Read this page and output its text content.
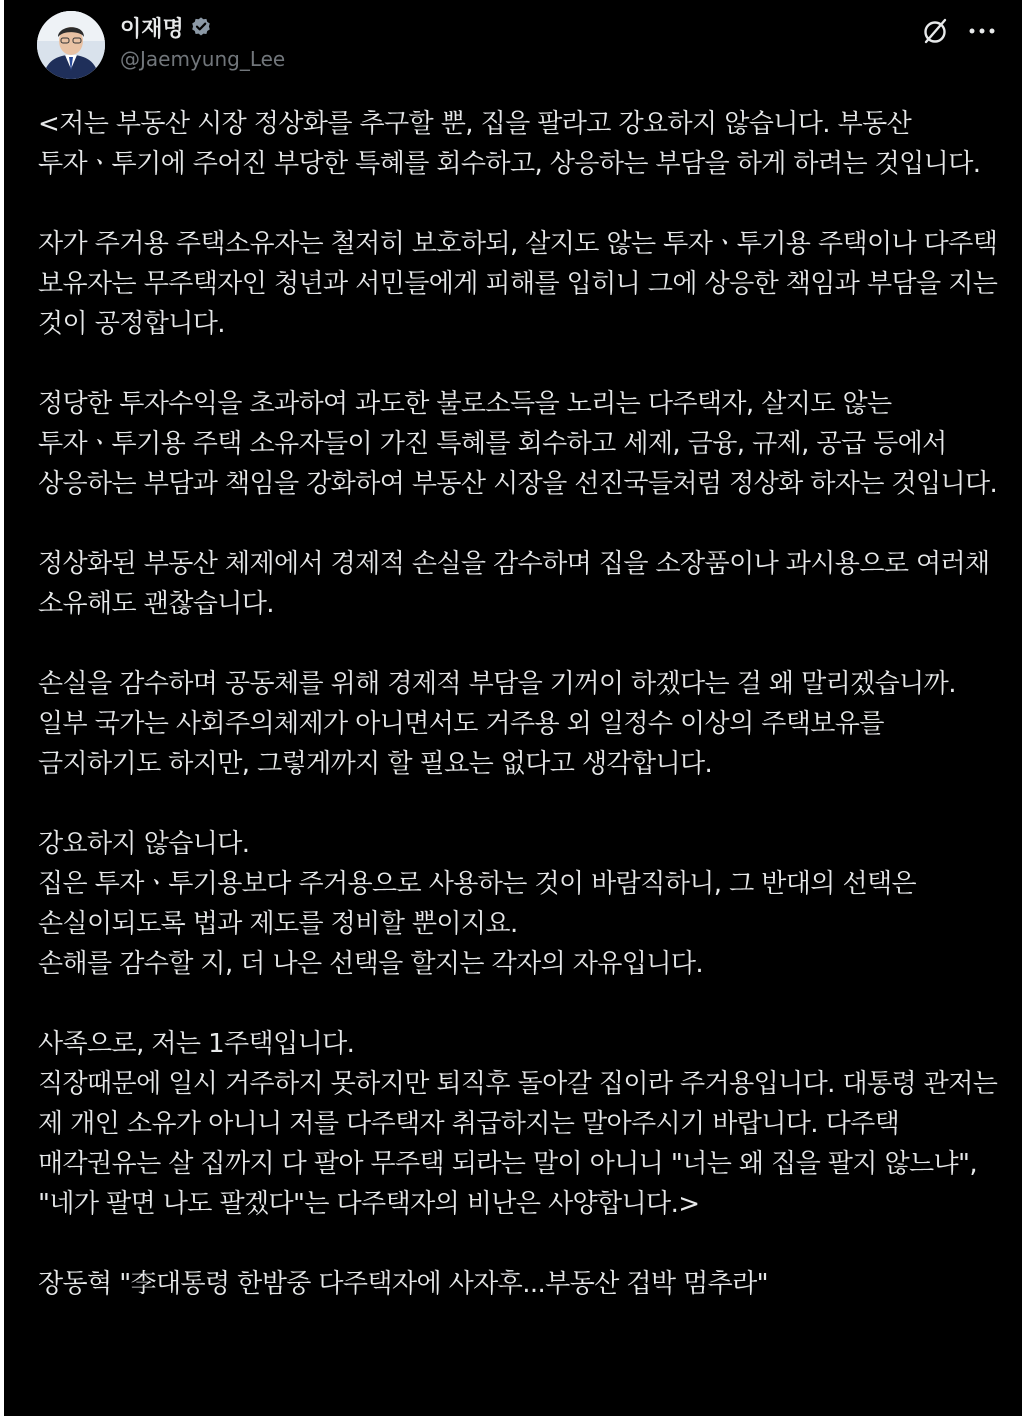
이재명
@Jaemyung_Lee

<저는 부동산 시장 정상화를 추구할 뿐, 집을 팔라고 강요하지 않습니다. 부동산 투자ㆍ투기에 주어진 부당한 특혜를 회수하고, 상응하는 부담을 하게 하려는 것입니다.

자가 주거용 주택소유자는 철저히 보호하되, 살지도 않는 투자ㆍ투기용 주택이나 다주택 보유자는 무주택자인 청년과 서민들에게 피해를 입히니 그에 상응한 책임과 부담을 지는 것이 공정합니다.

정당한 투자수익을 초과하여 과도한 불로소득을 노리는 다주택자, 살지도 않는 투자ㆍ투기용 주택 소유자들이 가진 특혜를 회수하고 세제, 금융, 규제, 공급 등에서 상응하는 부담과 책임을 강화하여 부동산 시장을 선진국들처럼 정상화 하자는 것입니다.

정상화된 부동산 체제에서 경제적 손실을 감수하며 집을 소장품이나 과시용으로 여러채 소유해도 괜찮습니다.

손실을 감수하며 공동체를 위해 경제적 부담을 기꺼이 하겠다는 걸 왜 말리겠습니까. 일부 국가는 사회주의체제가 아니면서도 거주용 외 일정수 이상의 주택보유를 금지하기도 하지만, 그렇게까지 할 필요는 없다고 생각합니다.

강요하지 않습니다.
집은 투자ㆍ투기용보다 주거용으로 사용하는 것이 바람직하니, 그 반대의 선택은 손실이되도록 법과 제도를 정비할 뿐이지요.
손해를 감수할 지, 더 나은 선택을 할지는 각자의 자유입니다.

사족으로, 저는 1주택입니다.
직장때문에 일시 거주하지 못하지만 퇴직후 돌아갈 집이라 주거용입니다. 대통령 관저는 제 개인 소유가 아니니 저를 다주택자 취급하지는 말아주시기 바랍니다. 다주택 매각권유는 살 집까지 다 팔아 무주택 되라는 말이 아니니 "너는 왜 집을 팔지 않느냐", "네가 팔면 나도 팔겠다"는 다주택자의 비난은 사양합니다.>

장동혁 "李대통령 한밤중 다주택자에 사자후...부동산 겁박 멈추라"
